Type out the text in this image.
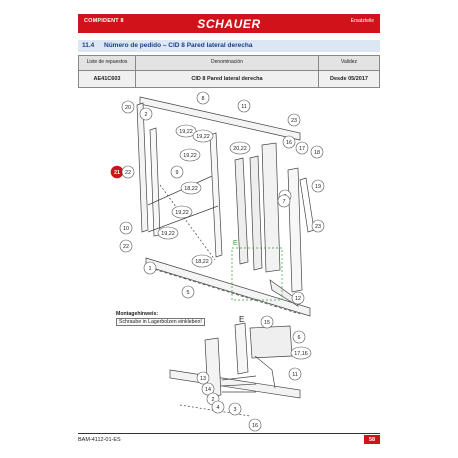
COMPIDENT 8	SCHAUER	Ersatzteile
11.4 Número de pedido – CID 8 Pared lateral derecha
Liste de repuestos	Denominación	Validez
AE41C603	CID 8 Pared lateral derecha	Desde 05/2017
E
20
8
11
2
19,22
19,22
23
16
17
18
20,22
19,22
21 22	9
19
18,22
7
19,22
23
10
19,22
22
18,22
1
5
12
E	15
6
17,16
13
14
2
4	3
11
16
Montagehinweis:
Schraube in Lagerbolzen einkleben!
BAM-4112-01-ES	58
